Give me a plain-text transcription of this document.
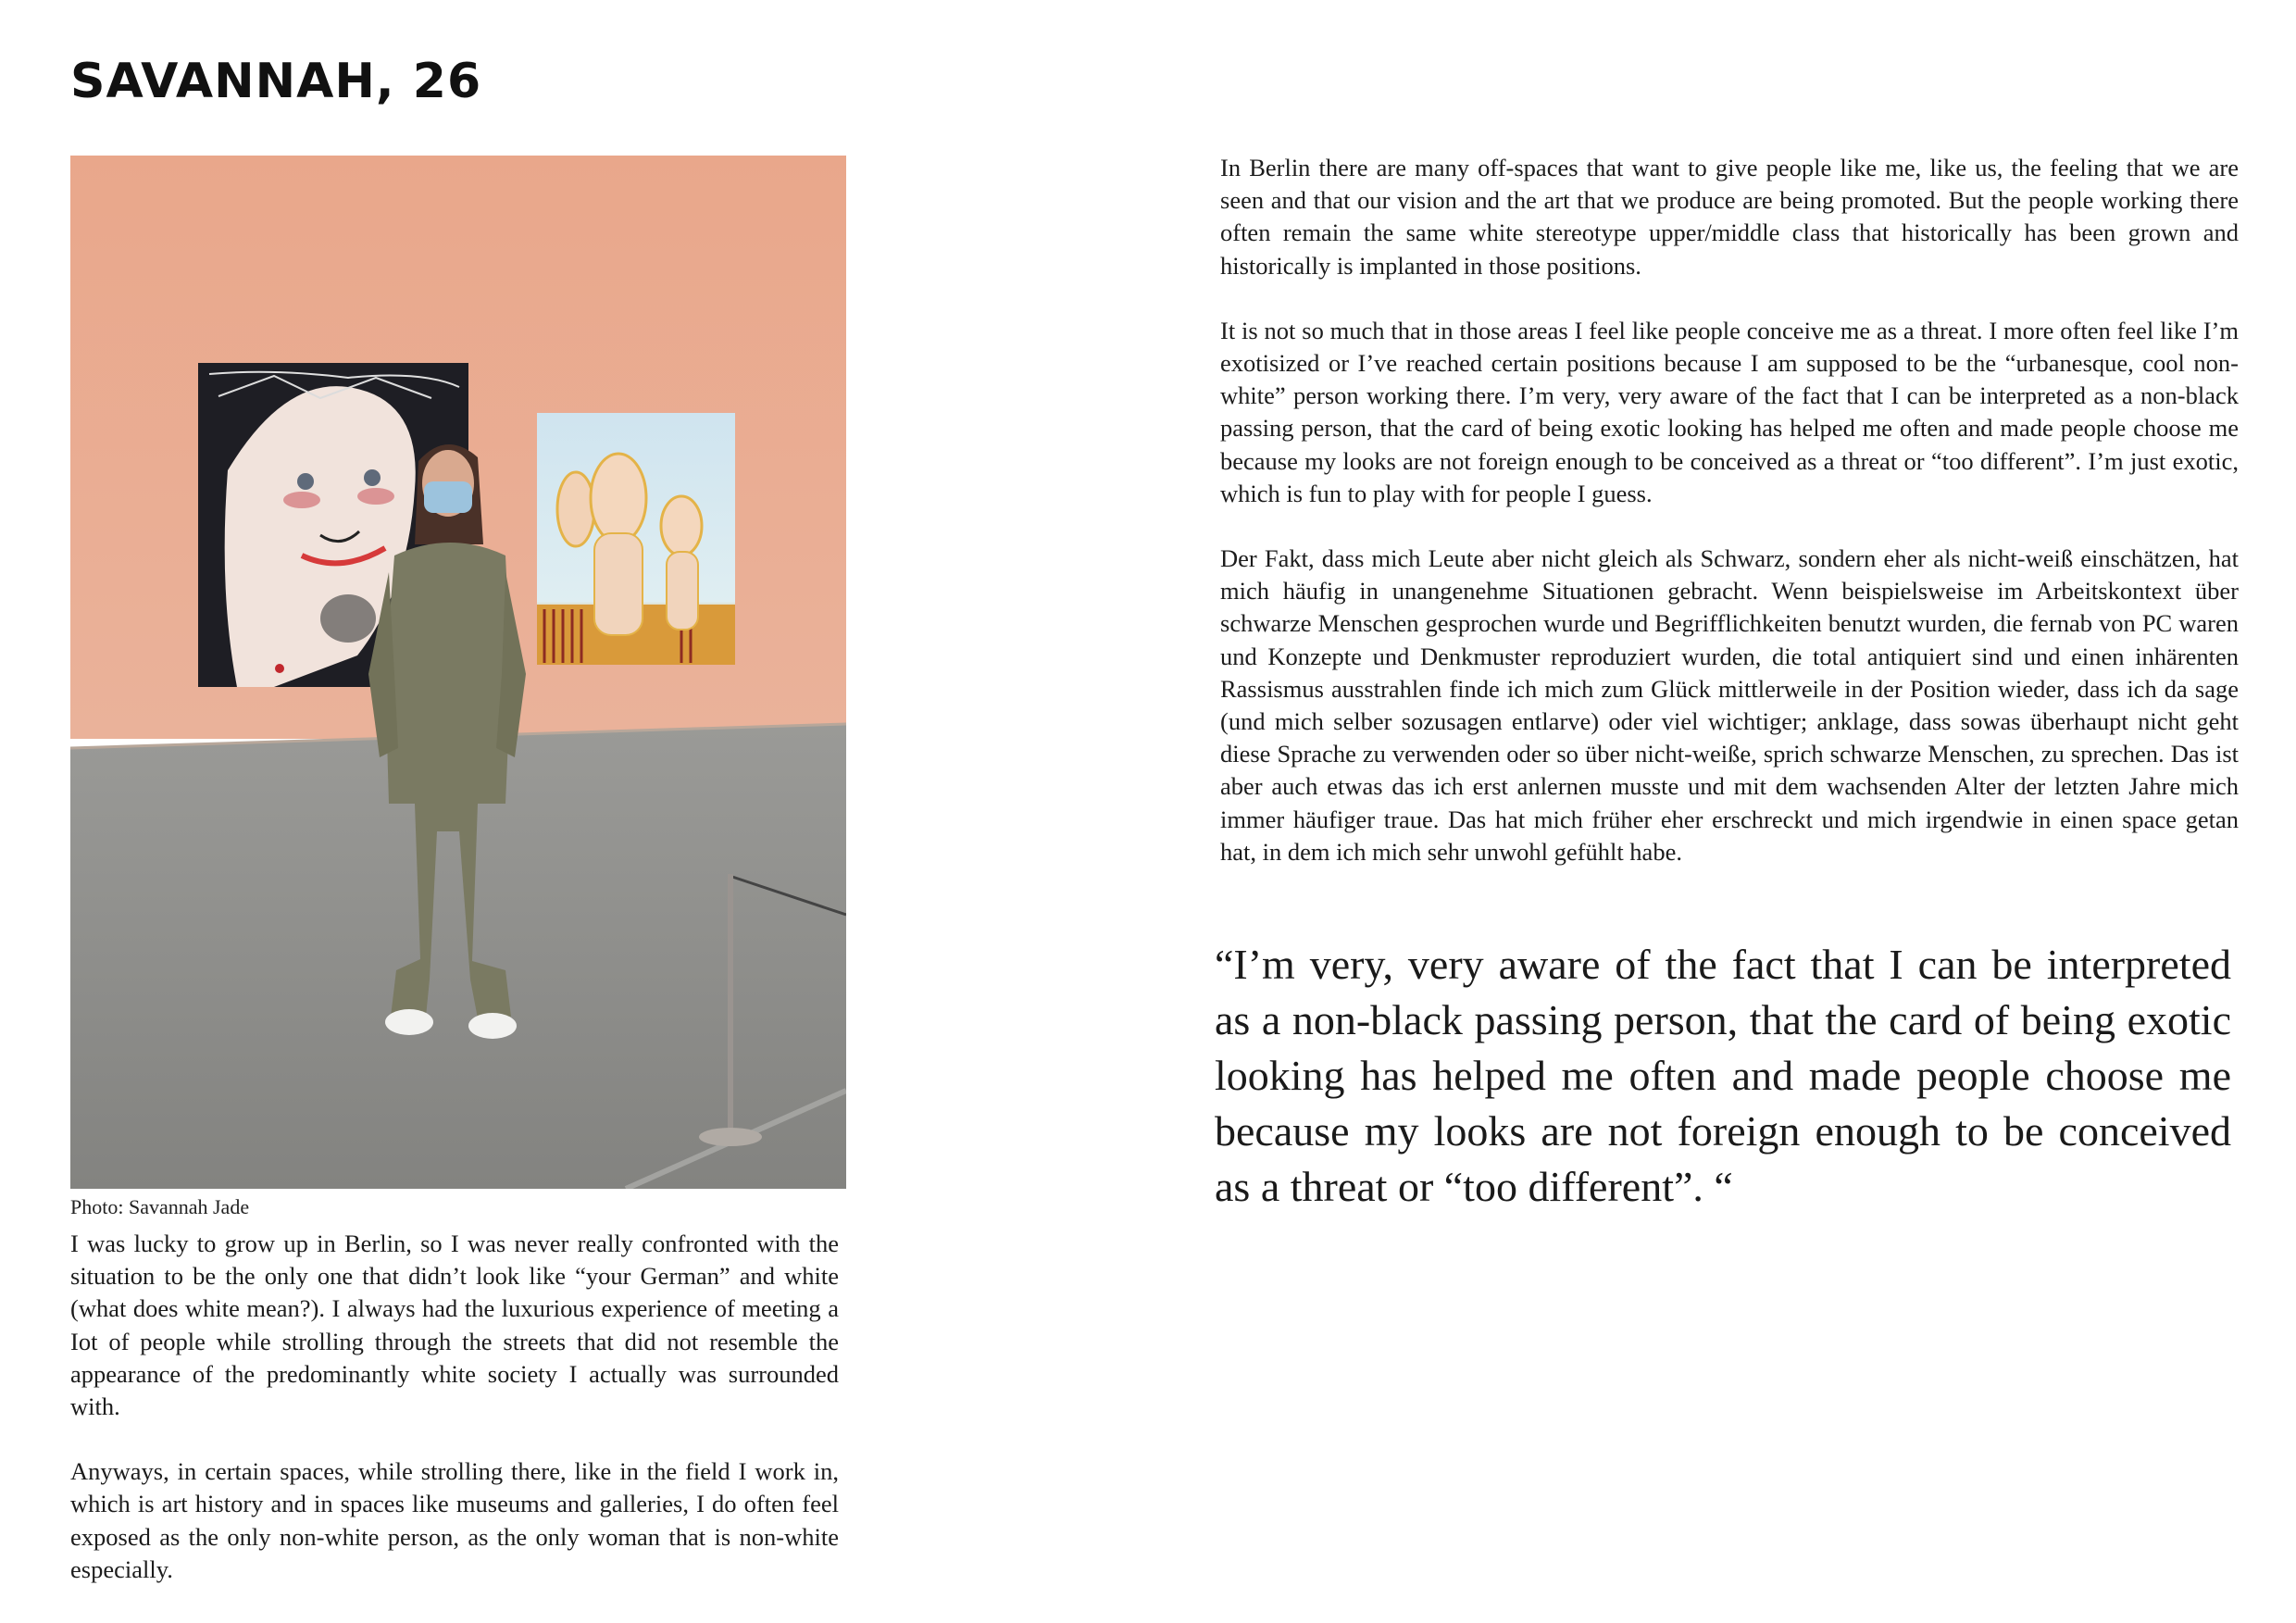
SAVANNAH, 26
Photo: Savannah Jade

I was lucky to grow up in Berlin, so I was never really confronted with the situation to be the only one that didn’t look like “your German” and white (what does white mean?). I always had the luxurious experience of meeting a Iot of people while strolling through the streets that did not resemble the appearance of the predominantly white society I actually was surrounded with.

Anyways, in certain spaces, while strolling there, like in the field I work in, which is art history and in spaces like museums and galleries, I do often feel exposed as the only non-white person, as the only woman that is non-white especially.

In Berlin there are many off-spaces that want to give people like me, like us, the feeling that we are seen and that our vision and the art that we produce are being promoted. But the people working there often remain the same white stereotype upper/middle class that historically has been grown and historically is implanted in those positions.

It is not so much that in those areas I feel like people conceive me as a threat. I more often feel like I’m exotisized or I’ve reached certain positions because I am supposed to be the “urbanesque, cool non-white” person working there. I’m very, very aware of the fact that I can be interpreted as a non-black passing person, that the card of being exotic looking has helped me often and made people choose me because my looks are not foreign enough to be conceived as a threat or “too different”. I’m just exotic, which is fun to play with for people I guess.

Der Fakt, dass mich Leute aber nicht gleich als Schwarz, sondern eher als nicht-weiß einschätzen, hat mich häufig in unangenehme Situationen gebracht. Wenn beispielsweise im Arbeitskontext über schwarze Menschen gesprochen wurde und Begrifflichkeiten benutzt wurden, die fernab von PC waren und Konzepte und Denkmuster reproduziert wurden, die total antiquiert sind und einen inhärenten Rassismus ausstrahlen finde ich mich zum Glück mittlerweile in der Position wieder, dass ich da sage (und mich selber sozusagen entlarve) oder viel wichtiger; anklage, dass sowas überhaupt nicht geht diese Sprache zu verwenden oder so über nicht-weiße, sprich schwarze Menschen, zu sprechen. Das ist aber auch etwas das ich erst anlernen musste und mit dem wachsenden Alter der letzten Jahre mich immer häufiger traue. Das hat mich früher eher erschreckt und mich irgendwie in einen space getan hat, in dem ich mich sehr unwohl gefühlt habe.

“I’m very, very aware of the fact that I can be interpreted as a non-black passing person, that the card of being exotic looking has helped me often and made people choose me because my looks are not foreign enough to be conceived as a threat or “too different”. “
